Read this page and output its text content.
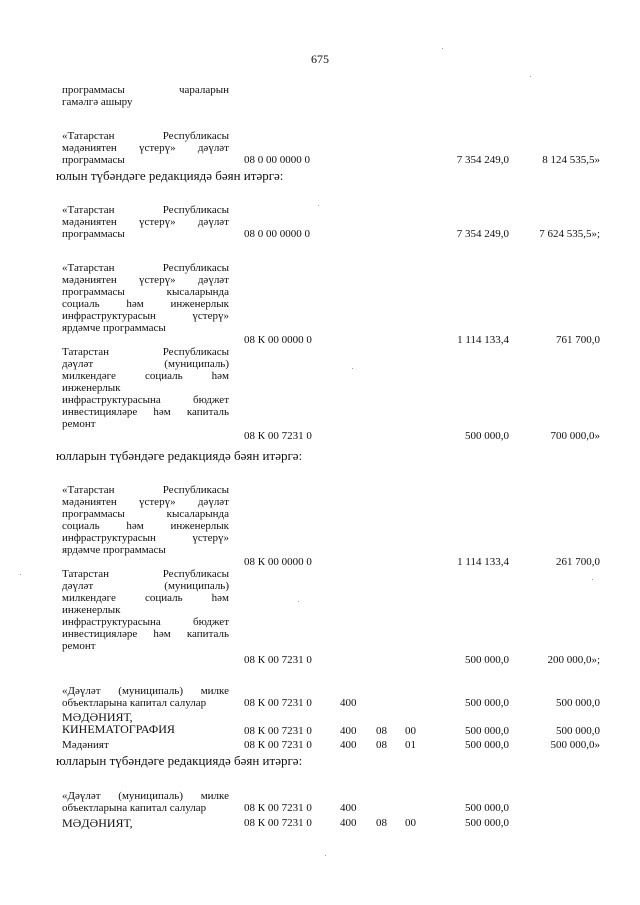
675
программасы чараларын
гамәлгә ашыру
«Татарстан Республикасы
мәдәниятен үстерү» дәүләт
программасы	08 0 00 0000 0	7 354 249,0	8 124 535,5»
юлын түбәндәге редакциядә бәян итәргә:
«Татарстан Республикасы
мәдәниятен үстерү» дәүләт
программасы	08 0 00 0000 0	7 354 249,0	7 624 535,5»;
«Татарстан Республикасы
мәдәниятен үстерү» дәүләт
программасы кысаларында
социаль һәм инженерлык
инфраструктурасын үстерү»
ярдәмче программасы
08 К 00 0000 0	1 114 133,4	761 700,0
Татарстан Республикасы
дәүләт (муниципаль)
милкендәге социаль һәм
инженерлык
инфраструктурасына бюджет
инвестицияләре һәм капиталь
ремонт
08 К 00 7231 0	500 000,0	700 000,0»
юлларын түбәндәге редакциядә бәян итәргә:
«Татарстан Республикасы
мәдәниятен үстерү» дәүләт
программасы кысаларында
социаль һәм инженерлык
инфраструктурасын үстерү»
ярдәмче программасы
08 К 00 0000 0	1 114 133,4	261 700,0
Татарстан Республикасы
дәүләт (муниципаль)
милкендәге социаль һәм
инженерлык
инфраструктурасына бюджет
инвестицияләре һәм капиталь
ремонт
08 К 00 7231 0	500 000,0	200 000,0»;
«Дәүләт (муниципаль) милке
объектларына капитал салулар	08 К 00 7231 0	400	500 000,0	500 000,0
МӘДӘНИЯТ,
КИНЕМАТОГРАФИЯ	08 К 00 7231 0	400 08 00	500 000,0	500 000,0
Мәдәният	08 К 00 7231 0	400 08 01	500 000,0	500 000,0»
юлларын түбәндәге редакциядә бәян итәргә:
«Дәүләт (муниципаль) милке
объектларына капитал салулар	08 К 00 7231 0	400	500 000,0
МӘДӘНИЯТ,	08 К 00 7231 0	400 08 00	500 000,0
